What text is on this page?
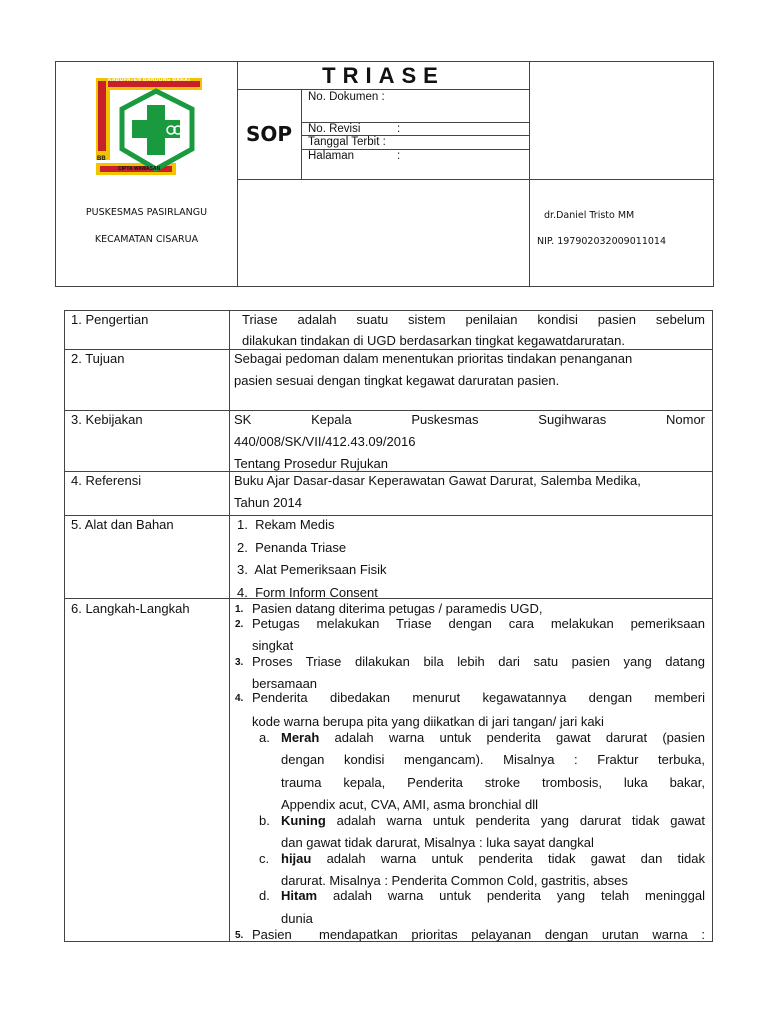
KABUPATEN BANDUNG BARAT
BB
CIPTA WAWASAN
TRIASE
SOP
No. Dokumen :
No. Revisi	:
Tanggal Terbit :
Halaman	:
PUSKESMAS PASIRLANGU
KECAMATAN CISARUA
dr.Daniel Tristo MM
NIP. 197902032009011014
1. Pengertian	Triase adalah suatu sistem penilaian kondisi pasien sebelum
dilakukan tindakan di UGD berdasarkan tingkat kegawatdaruratan.
2. Tujuan	Sebagai pedoman dalam menentukan prioritas tindakan penanganan
pasien sesuai dengan tingkat kegawat daruratan pasien.
3. Kebijakan	SK Kepala Puskesmas Sugihwaras Nomor
440/008/SK/VII/412.43.09/2016
Tentang Prosedur Rujukan
4. Referensi	Buku Ajar Dasar-dasar Keperawatan Gawat Darurat, Salemba Medika,
Tahun 2014
5. Alat dan Bahan	1.  Rekam Medis
2.  Penanda Triase
3.  Alat Pemeriksaan Fisik
4.  Form Inform Consent
6. Langkah-Langkah	1. Pasien datang diterima petugas / paramedis UGD,
2. Petugas melakukan Triase dengan cara melakukan pemeriksaan
singkat
3. Proses Triase dilakukan bila lebih dari satu pasien yang datang
bersamaan
4. Penderita dibedakan menurut kegawatannya dengan memberi
kode warna berupa pita yang diikatkan di jari tangan/ jari kaki
a. Merah adalah warna untuk penderita gawat darurat (pasien
dengan kondisi mengancam). Misalnya : Fraktur terbuka,
trauma kepala, Penderita stroke trombosis, luka bakar,
Appendix acut, CVA, AMI, asma bronchial dll
b. Kuning adalah warna untuk penderita yang darurat tidak gawat
dan gawat tidak darurat, Misalnya : luka sayat dangkal
c. hijau adalah warna untuk penderita tidak gawat dan tidak
darurat. Misalnya : Penderita Common Cold, gastritis, abses
d. Hitam adalah warna untuk penderita yang telah meninggal
dunia
5. Pasien  mendapatkan prioritas pelayanan dengan urutan warna :
